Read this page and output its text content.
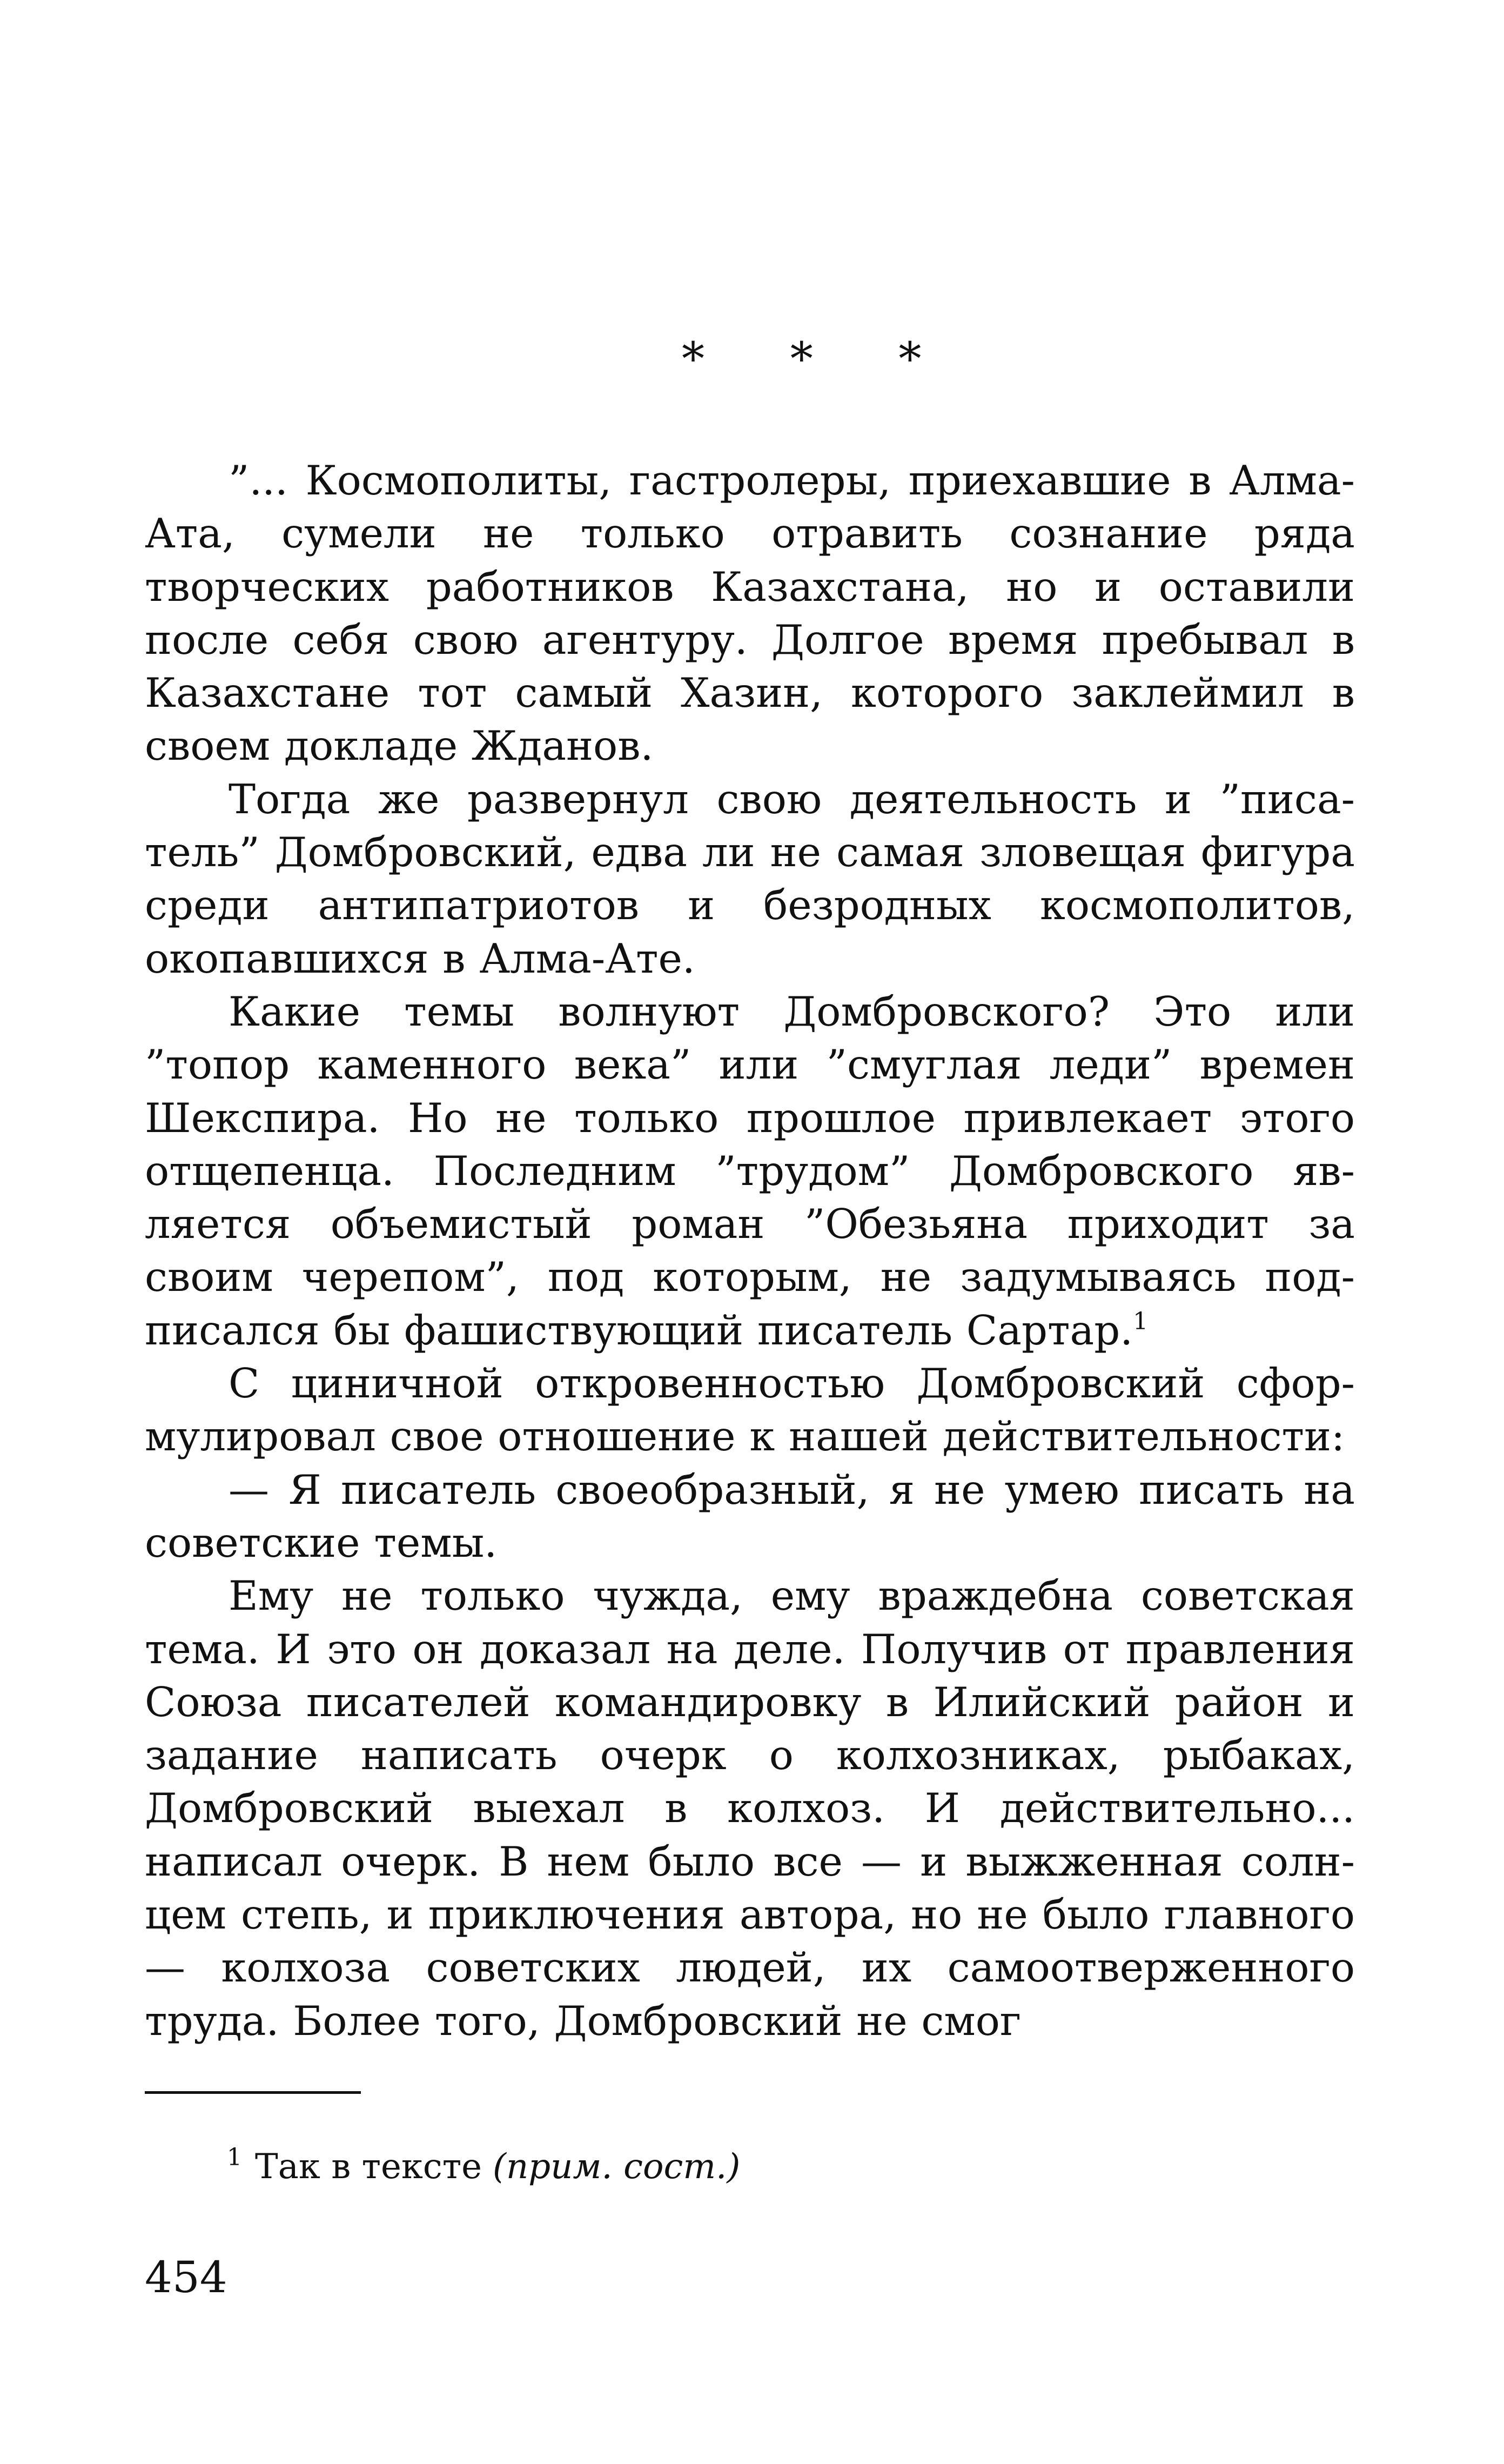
* * *

”... Космополиты, гастролеры, приехавшие в Алма-Ата, сумели не только отравить сознание ряда творческих работников Казахстана, но и оставили после себя свою агентуру. Долгое время пребывал в Казахстане тот самый Хазин, которого заклеймил в своем докладе Жданов.

Тогда же развернул свою деятельность и ”писатель” Домбровский, едва ли не самая зловещая фигура среди антипатриотов и безродных космополитов, окопавшихся в Алма-Ате.

Какие темы волнуют Домбровского? Это или ”топор каменного века” или ”смуглая леди” времен Шекспира. Но не только прошлое привлекает этого отщепенца. Последним ”трудом” Домбровского является объемистый роман ”Обезьяна приходит за своим черепом”, под которым, не задумываясь подписался бы фашиствующий писатель Сартар.$^1$

С циничной откровенностью Домбровский сформулировал свое отношение к нашей действительности:

— Я писатель своеобразный, я не умею писать на советские темы.

Ему не только чужда, ему враждебна советская тема. И это он доказал на деле. Получив от правления Союза писателей командировку в Илийский район и задание написать очерк о колхозниках, рыбаках, Домбровский выехал в колхоз. И действительно... написал очерк. В нем было все — и выжженная солнцем степь, и приключения автора, но не было главного — колхоза советских людей, их самоотверженного труда. Более того, Домбровский не смог

$^1$ Так в тексте (прим. сост.)
454
